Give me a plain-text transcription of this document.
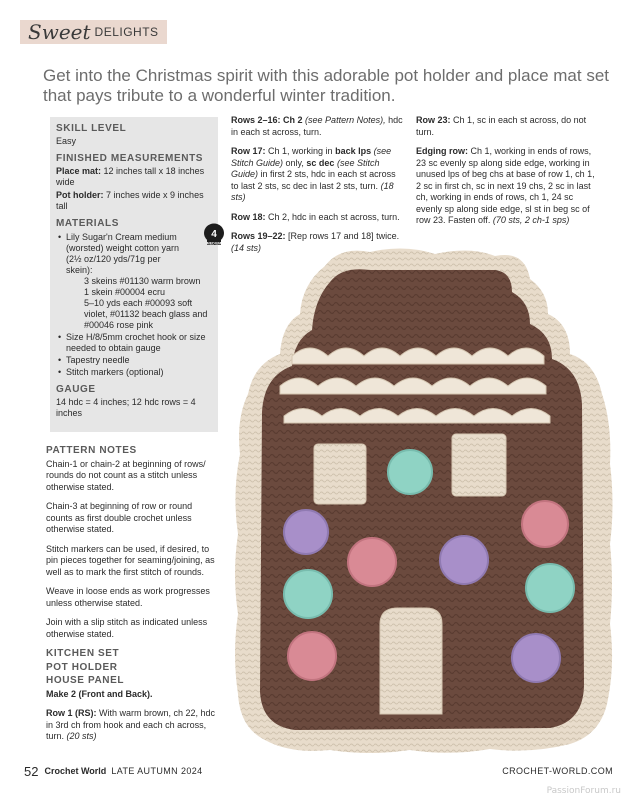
Sweet DELIGHTS
Get into the Christmas spirit with this adorable pot holder and place mat set that pays tribute to a wonderful winter tradition.
SKILL LEVEL
Easy
FINISHED MEASUREMENTS
Place mat: 12 inches tall x 18 inches wide
Pot holder: 7 inches wide x 9 inches tall
MATERIALS
• Lily Sugar'n Cream medium (worsted) weight cotton yarn (2½ oz/120 yds/71g per skein):
3 skeins #01130 warm brown
1 skein #00004 ecru
5–10 yds each #00093 soft violet, #01132 beach glass and #00046 rose pink
• Size H/8/5mm crochet hook or size needed to obtain gauge
• Tapestry needle
• Stitch markers (optional)
GAUGE
14 hdc = 4 inches; 12 hdc rows = 4 inches
4
MEDIUM
PATTERN NOTES

Chain-1 or chain-2 at beginning of rows/ rounds do not count as a stitch unless otherwise stated.

Chain-3 at beginning of row or round counts as first double crochet unless otherwise stated.

Stitch markers can be used, if desired, to pin pieces together for seaming/joining, as well as to mark the first stitch of rounds.

Weave in loose ends as work progresses unless otherwise stated.

Join with a slip stitch as indicated unless otherwise stated.

KITCHEN SET
POT HOLDER
HOUSE PANEL

Make 2 (Front and Back).

Row 1 (RS): With warm brown, ch 22, hdc in 3rd ch from hook and each ch across, turn. (20 sts)

Rows 2–16: Ch 2 (see Pattern Notes), hdc in each st across, turn.

Row 17: Ch 1, working in back lps (see Stitch Guide) only, sc dec (see Stitch Guide) in first 2 sts, hdc in each st across to last 2 sts, sc dec in last 2 sts, turn. (18 sts)

Row 18: Ch 2, hdc in each st across, turn.

Rows 19–22: [Rep rows 17 and 18] twice. (14 sts)

Row 23: Ch 1, sc in each st across, do not turn.

Edging row: Ch 1, working in ends of rows, 23 sc evenly sp along side edge, working in unused lps of beg chs at base of row 1, ch 1, 2 sc in first ch, sc in next 19 chs, 2 sc in last ch, working in ends of rows, ch 1, 24 sc evenly sp along side edge, sl st in beg sc of row 23. Fasten off. (70 sts, 2 ch-1 sps)

52 Crochet World LATE AUTUMN 2024	CROCHET-WORLD.COM
PassionForum.ru
